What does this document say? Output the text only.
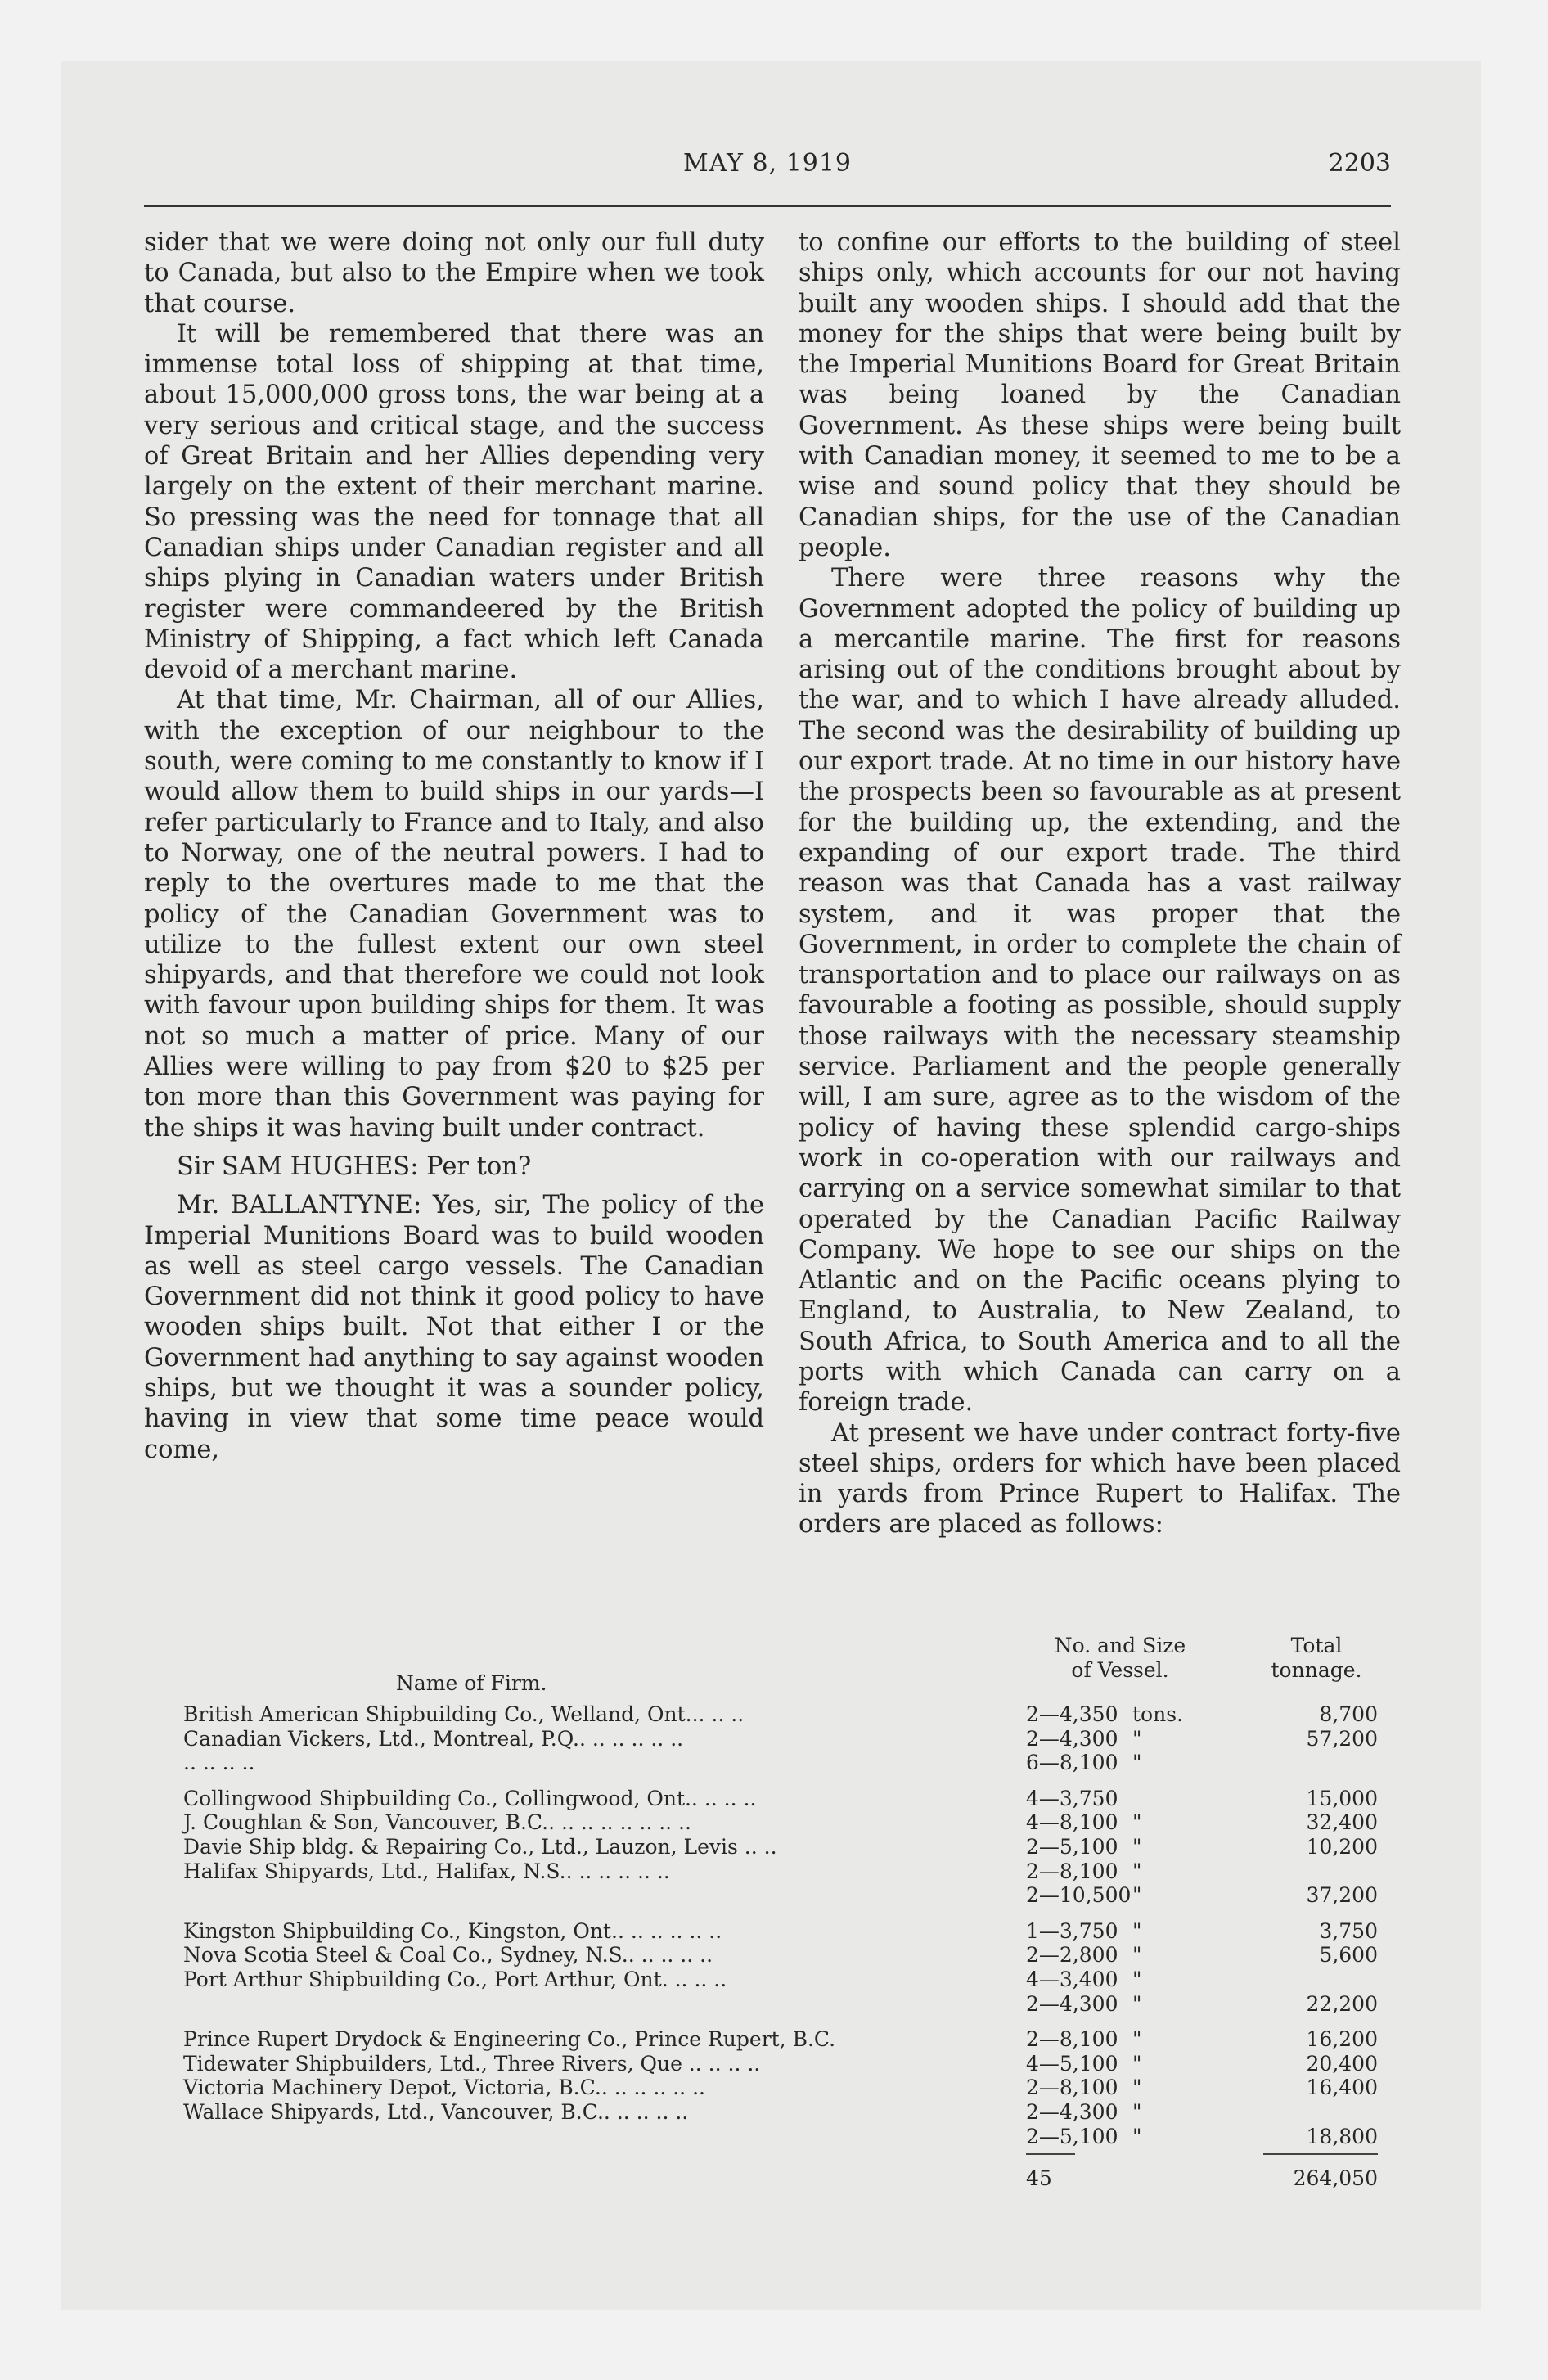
MAY 8, 1919	2203

sider that we were doing not only our full duty to Canada, but also to the Empire when we took that course.

It will be remembered that there was an immense total loss of shipping at that time, about 15,000,000 gross tons, the war being at a very serious and critical stage, and the success of Great Britain and her Allies depending very largely on the extent of their merchant marine. So pressing was the need for tonnage that all Canadian ships under Canadian register and all ships plying in Canadian waters under British register were commandeered by the British Ministry of Shipping, a fact which left Canada devoid of a merchant marine.

At that time, Mr. Chairman, all of our Allies, with the exception of our neighbour to the south, were coming to me constantly to know if I would allow them to build ships in our yards—I refer particularly to France and to Italy, and also to Norway, one of the neutral powers. I had to reply to the overtures made to me that the policy of the Canadian Government was to utilize to the fullest extent our own steel shipyards, and that therefore we could not look with favour upon building ships for them. It was not so much a matter of price. Many of our Allies were willing to pay from $20 to $25 per ton more than this Government was paying for the ships it was having built under contract.

Sir SAM HUGHES: Per ton?

Mr. BALLANTYNE: Yes, sir, The policy of the Imperial Munitions Board was to build wooden as well as steel cargo vessels. The Canadian Government did not think it good policy to have wooden ships built. Not that either I or the Government had anything to say against wooden ships, but we thought it was a sounder policy, having in view that some time peace would come,

to confine our efforts to the building of steel ships only, which accounts for our not having built any wooden ships. I should add that the money for the ships that were being built by the Imperial Munitions Board for Great Britain was being loaned by the Canadian Government. As these ships were being built with Canadian money, it seemed to me to be a wise and sound policy that they should be Canadian ships, for the use of the Canadian people.

There were three reasons why the Government adopted the policy of building up a mercantile marine. The first for reasons arising out of the conditions brought about by the war, and to which I have already alluded. The second was the desirability of building up our export trade. At no time in our history have the prospects been so favourable as at present for the building up, the extending, and the expanding of our export trade. The third reason was that Canada has a vast railway system, and it was proper that the Government, in order to complete the chain of transportation and to place our railways on as favourable a footing as possible, should supply those railways with the necessary steamship service. Parliament and the people generally will, I am sure, agree as to the wisdom of the policy of having these splendid cargo-ships work in co-operation with our railways and carrying on a service somewhat similar to that operated by the Canadian Pacific Railway Company. We hope to see our ships on the Atlantic and on the Pacific oceans plying to England, to Australia, to New Zealand, to South Africa, to South America and to all the ports with which Canada can carry on a foreign trade.

At present we have under contract forty-five steel ships, orders for which have been placed in yards from Prince Rupert to Halifax. The orders are placed as follows:

Name of Firm.
No. and Size
of Vessel.
Total
tonnage.
British American Shipbuilding Co., Welland, Ont... .. ..	2—4,350 tons.	8,700
Canadian Vickers, Ltd., Montreal, P.Q.. .. .. .. .. ..	2—4,300 "	57,200
.. .. .. ..	6—8,100 "
Collingwood Shipbuilding Co., Collingwood, Ont.. .. .. ..	4—3,750	15,000
J. Coughlan & Son, Vancouver, B.C.. .. .. .. .. .. .. ..	4—8,100 "	32,400
Davie Ship bldg. & Repairing Co., Ltd., Lauzon, Levis .. ..	2—5,100 "	10,200
Halifax Shipyards, Ltd., Halifax, N.S.. .. .. .. .. ..	2—8,100 "
2—10,500 "	37,200
Kingston Shipbuilding Co., Kingston, Ont.. .. .. .. .. ..	1—3,750 "	3,750
Nova Scotia Steel & Coal Co., Sydney, N.S.. .. .. .. ..	2—2,800 "	5,600
Port Arthur Shipbuilding Co., Port Arthur, Ont. .. .. ..	4—3,400 "
2—4,300 "	22,200
Prince Rupert Drydock & Engineering Co., Prince Rupert, B.C.	2—8,100 "	16,200
Tidewater Shipbuilders, Ltd., Three Rivers, Que .. .. .. ..	4—5,100 "	20,400
Victoria Machinery Depot, Victoria, B.C.. .. .. .. .. ..	2—8,100 "	16,400
Wallace Shipyards, Ltd., Vancouver, B.C.. .. .. .. ..	2—4,300 "
2—5,100 "	18,800
45	264,050
